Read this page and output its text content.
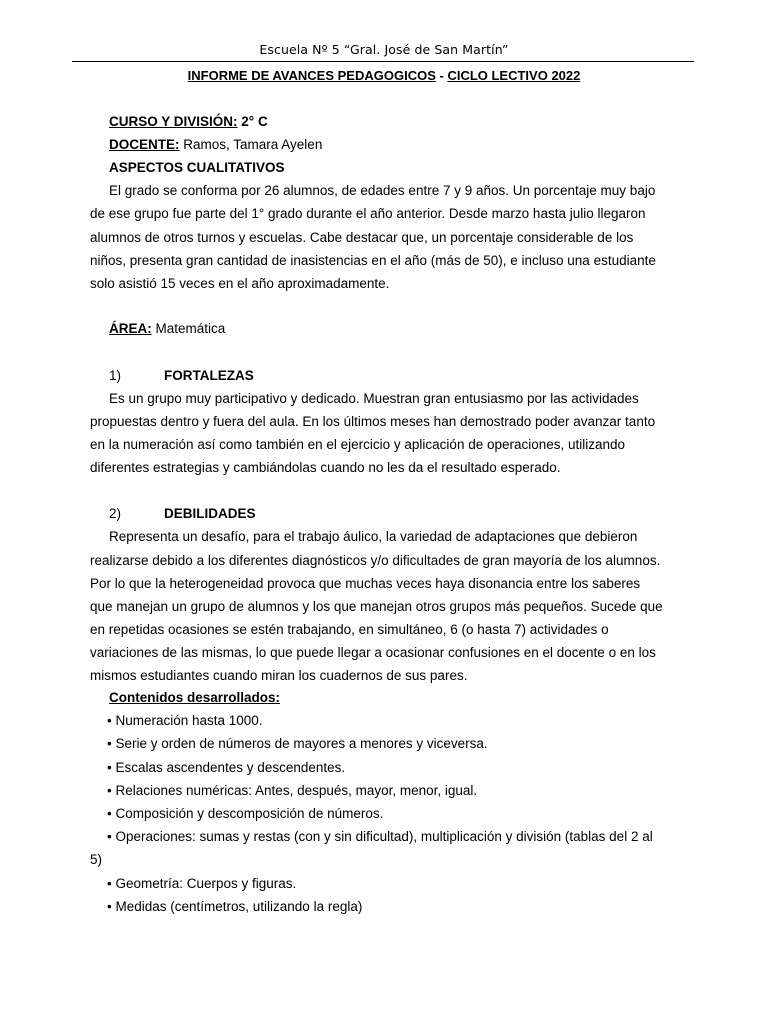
Escuela Nº 5 “Gral. José de San Martín”
INFORME DE AVANCES PEDAGOGICOS - CICLO LECTIVO 2022
CURSO Y DIVISIÓN: 2° C
DOCENTE: Ramos, Tamara Ayelen
ASPECTOS CUALITATIVOS
El grado se conforma por 26 alumnos, de edades entre 7 y 9 años. Un porcentaje muy bajo
de ese grupo fue parte del 1° grado durante el año anterior. Desde marzo hasta julio llegaron
alumnos de otros turnos y escuelas. Cabe destacar que, un porcentaje considerable de los
niños, presenta gran cantidad de inasistencias en el año (más de 50), e incluso una estudiante
solo asistió 15 veces en el año aproximadamente.
ÁREA: Matemática
1)	FORTALEZAS
Es un grupo muy participativo y dedicado. Muestran gran entusiasmo por las actividades
propuestas dentro y fuera del aula. En los últimos meses han demostrado poder avanzar tanto
en la numeración así como también en el ejercicio y aplicación de operaciones, utilizando
diferentes estrategias y cambiándolas cuando no les da el resultado esperado.
2)	DEBILIDADES
Representa un desafío, para el trabajo áulico, la variedad de adaptaciones que debieron
realizarse debido a los diferentes diagnósticos y/o dificultades de gran mayoría de los alumnos.
Por lo que la heterogeneidad provoca que muchas veces haya disonancia entre los saberes
que manejan un grupo de alumnos y los que manejan otros grupos más pequeños. Sucede que
en repetidas ocasiones se estén trabajando, en simultáneo, 6 (o hasta 7) actividades o
variaciones de las mismas, lo que puede llegar a ocasionar confusiones en el docente o en los
mismos estudiantes cuando miran los cuadernos de sus pares.
Contenidos desarrollados:
• Numeración hasta 1000.
• Serie y orden de números de mayores a menores y viceversa.
• Escalas ascendentes y descendentes.
• Relaciones numéricas: Antes, después, mayor, menor, igual.
• Composición y descomposición de números.
• Operaciones: sumas y restas (con y sin dificultad), multiplicación y división (tablas del 2 al
5)
• Geometría: Cuerpos y figuras.
• Medidas (centímetros, utilizando la regla)
